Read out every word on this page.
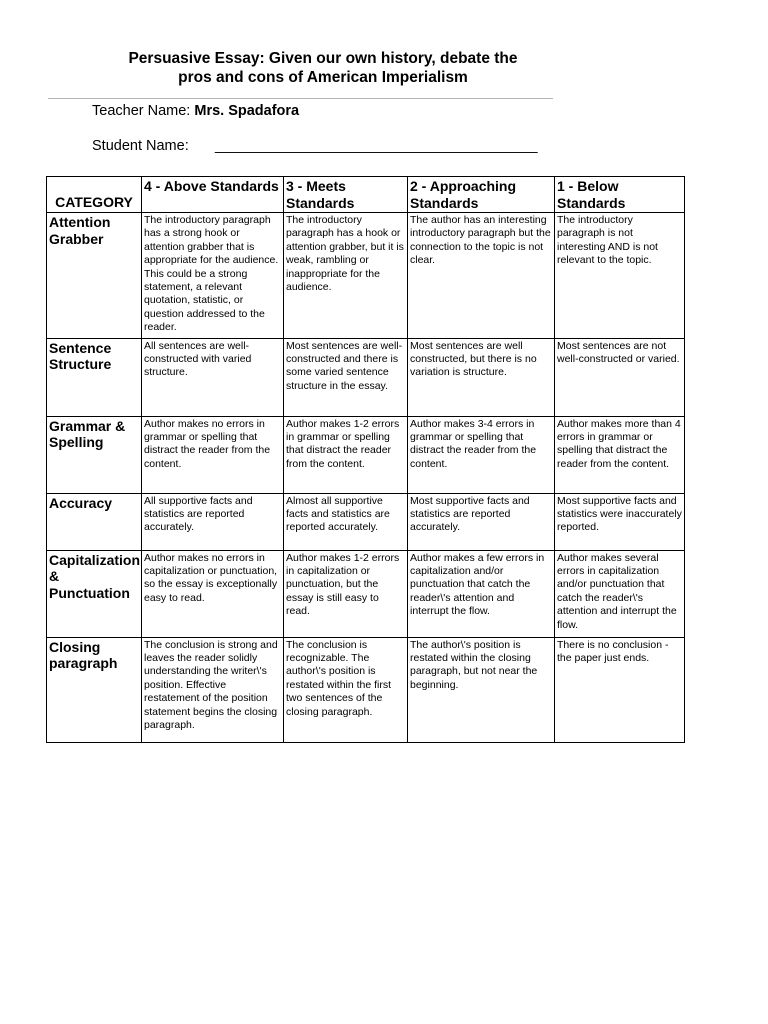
Persuasive Essay: Given our own history, debate the
pros and cons of American Imperialism
Teacher Name: Mrs. Spadafora
Student Name: ________________________________________
CATEGORY	4 - Above Standards	3 - Meets Standards	2 - Approaching Standards	1 - Below Standards
Attention Grabber	The introductory paragraph has a strong hook or attention grabber that is appropriate for the audience. This could be a strong statement, a relevant quotation, statistic, or question addressed to the reader.	The introductory paragraph has a hook or attention grabber, but it is weak, rambling or inappropriate for the audience.	The author has an interesting introductory paragraph but the connection to the topic is not clear.	The introductory paragraph is not interesting AND is not relevant to the topic.
Sentence Structure	All sentences are well-constructed with varied structure.	Most sentences are well-constructed and there is some varied sentence structure in the essay.	Most sentences are well constructed, but there is no variation is structure.	Most sentences are not well-constructed or varied.
Grammar & Spelling	Author makes no errors in grammar or spelling that distract the reader from the content.	Author makes 1-2 errors in grammar or spelling that distract the reader from the content.	Author makes 3-4 errors in grammar or spelling that distract the reader from the content.	Author makes more than 4 errors in grammar or spelling that distract the reader from the content.
Accuracy	All supportive facts and statistics are reported accurately.	Almost all supportive facts and statistics are reported accurately.	Most supportive facts and statistics are reported accurately.	Most supportive facts and statistics were inaccurately reported.
Capitalization & Punctuation	Author makes no errors in capitalization or punctuation, so the essay is exceptionally easy to read.	Author makes 1-2 errors in capitalization or punctuation, but the essay is still easy to read.	Author makes a few errors in capitalization and/or punctuation that catch the reader\'s attention and interrupt the flow.	Author makes several errors in capitalization and/or punctuation that catch the reader\'s attention and interrupt the flow.
Closing paragraph	The conclusion is strong and leaves the reader solidly understanding the writer\'s position. Effective restatement of the position statement begins the closing paragraph.	The conclusion is recognizable. The author\'s position is restated within the first two sentences of the closing paragraph.	The author\'s position is restated within the closing paragraph, but not near the beginning.	There is no conclusion - the paper just ends.
